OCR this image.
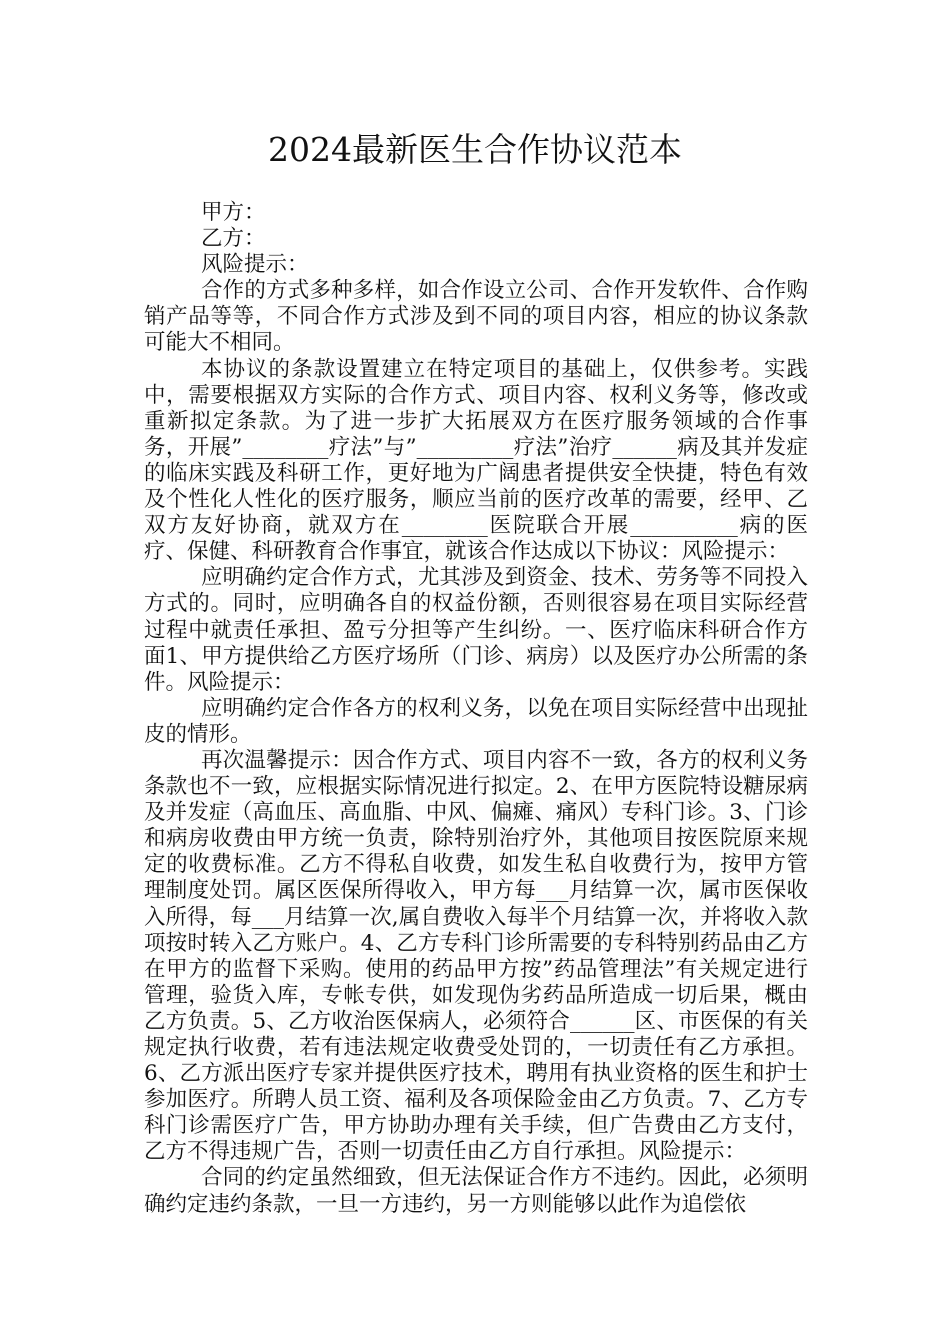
2024最新医生合作协议范本

甲方：

乙方：

风险提示：

合作的方式多种多样，如合作设立公司、合作开发软件、合作购销产品等等，不同合作方式涉及到不同的项目内容，相应的协议条款可能大不相同。

本协议的条款设置建立在特定项目的基础上，仅供参考。实践中，需要根据双方实际的合作方式、项目内容、权利义务等，修改或重新拟定条款。为了进一步扩大拓展双方在医疗服务领域的合作事务，开展”________疗法”与”_________疗法”治疗______病及其并发症的临床实践及科研工作，更好地为广阔患者提供安全快捷，特色有效及个性化人性化的医疗服务，顺应当前的医疗改革的需要，经甲、乙双方友好协商，就双方在________医院联合开展__________病的医疗、保健、科研教育合作事宜，就该合作达成以下协议：风险提示：

应明确约定合作方式，尤其涉及到资金、技术、劳务等不同投入方式的。同时，应明确各自的权益份额，否则很容易在项目实际经营过程中就责任承担、盈亏分担等产生纠纷。一、医疗临床科研合作方面1、甲方提供给乙方医疗场所（门诊、病房）以及医疗办公所需的条件。风险提示：

应明确约定合作各方的权利义务，以免在项目实际经营中出现扯皮的情形。

再次温馨提示：因合作方式、项目内容不一致，各方的权利义务条款也不一致，应根据实际情况进行拟定。2、在甲方医院特设糖尿病及并发症（高血压、高血脂、中风、偏瘫、痛风）专科门诊。3、门诊和病房收费由甲方统一负责，除特别治疗外，其他项目按医院原来规定的收费标准。乙方不得私自收费，如发生私自收费行为，按甲方管理制度处罚。属区医保所得收入，甲方每___月结算一次，属市医保收入所得，每___月结算一次,属自费收入每半个月结算一次，并将收入款项按时转入乙方账户。4、乙方专科门诊所需要的专科特别药品由乙方在甲方的监督下采购。使用的药品甲方按”药品管理法”有关规定进行管理，验货入库，专帐专供，如发现伪劣药品所造成一切后果，概由乙方负责。5、乙方收治医保病人，必须符合______区、市医保的有关规定执行收费，若有违法规定收费受处罚的，一切责任有乙方承担。6、乙方派出医疗专家并提供医疗技术，聘用有执业资格的医生和护士参加医疗。所聘人员工资、福利及各项保险金由乙方负责。7、乙方专科门诊需医疗广告，甲方协助办理有关手续，但广告费由乙方支付，乙方不得违规广告，否则一切责任由乙方自行承担。风险提示：

合同的约定虽然细致，但无法保证合作方不违约。因此，必须明确约定违约条款，一旦一方违约，另一方则能够以此作为追偿依
